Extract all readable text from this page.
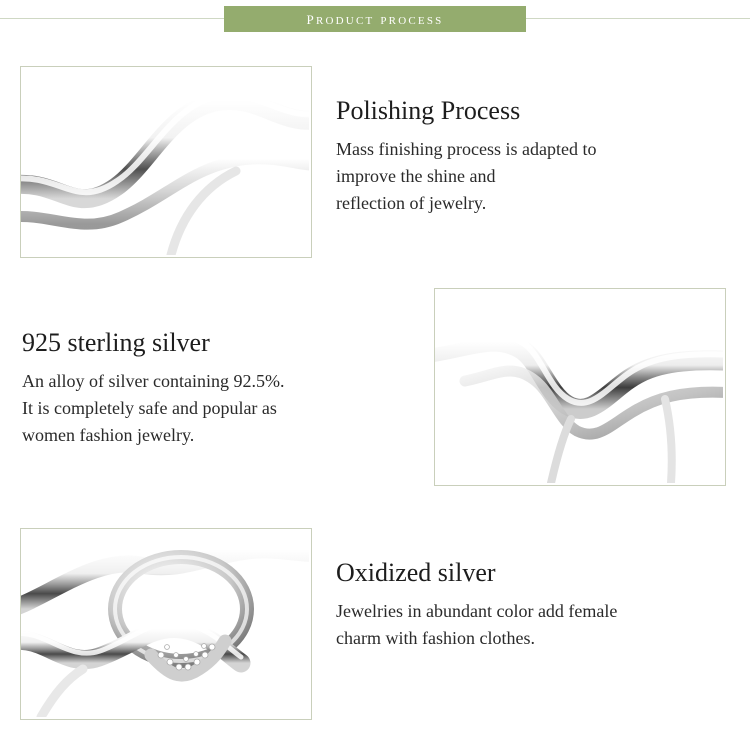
product process
Polishing Process

Mass finishing process is adapted to
improve the shine and
reflection of jewelry.

925 sterling silver

An alloy of silver containing 92.5%.
It is completely safe and popular as
women fashion jewelry.

Oxidized silver

Jewelries in abundant color add female
charm with fashion clothes.
